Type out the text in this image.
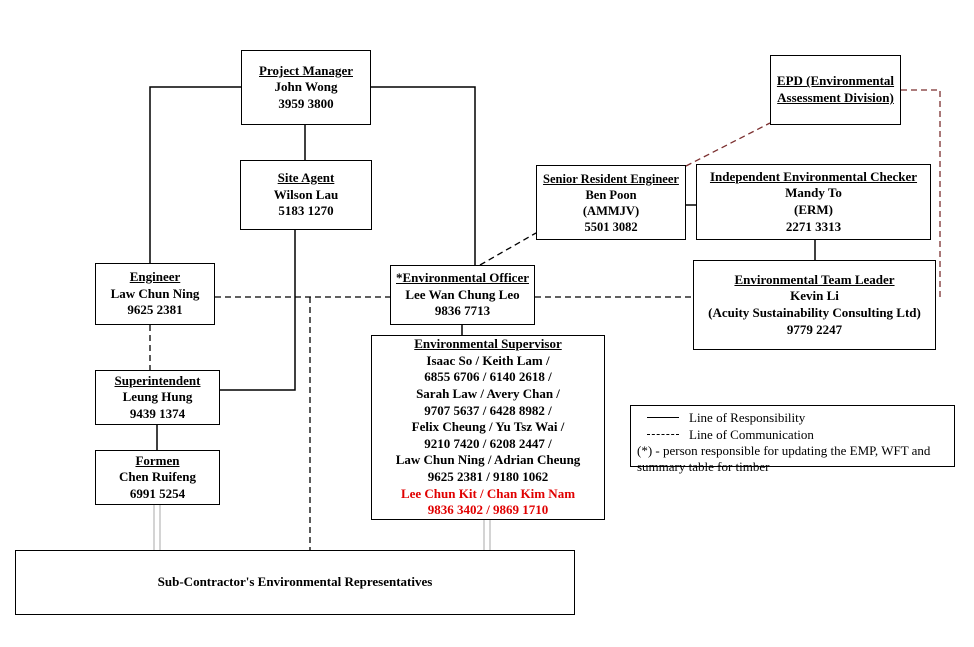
Project Manager
John Wong
3959 3800
Site Agent
Wilson Lau
5183 1270
Engineer
Law Chun Ning
9625 2381
*Environmental Officer
Lee Wan Chung Leo
9836 7713
Senior Resident Engineer
Ben Poon
(AMMJV)
5501 3082
EPD (Environmental Assessment Division)
Independent Environmental Checker
Mandy To
(ERM)
2271 3313
Environmental Team Leader
Kevin Li
(Acuity Sustainability Consulting Ltd)
9779 2247
Environmental Supervisor
Isaac So / Keith Lam /
6855 6706 / 6140 2618 /
Sarah Law / Avery Chan /
9707 5637 / 6428 8982 /
Felix Cheung / Yu Tsz Wai /
9210 7420 / 6208 2447 /
Law Chun Ning / Adrian Cheung
9625 2381 / 9180 1062
Lee Chun Kit / Chan Kim Nam
9836 3402 / 9869 1710
Superintendent
Leung Hung
9439 1374
Formen
Chen Ruifeng
6991 5254
Sub-Contractor's Environmental Representatives
Line of Responsibility
Line of Communication
(*) - person responsible for updating the EMP, WFT and summary table for timber
